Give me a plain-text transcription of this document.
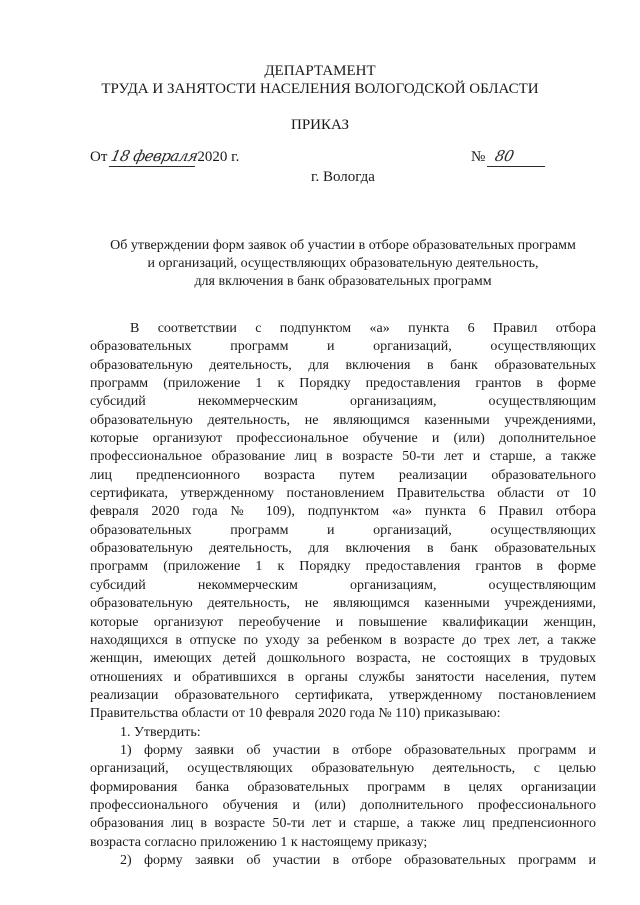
ДЕПАРТАМЕНТ
ТРУДА И ЗАНЯТОСТИ НАСЕЛЕНИЯ ВОЛОГОДСКОЙ ОБЛАСТИ
ПРИКАЗ
От 18 февраля2020 г.	№ 80
г. Вологда
Об утверждении форм заявок об участии в отборе образовательных программ
и организаций, осуществляющих образовательную деятельность,
для включения в банк образовательных программ
В соответствии с подпунктом «а» пункта 6 Правил отбора
образовательных программ и организаций, осуществляющих
образовательную деятельность, для включения в банк образовательных
программ (приложение 1 к Порядку предоставления грантов в форме
субсидий некоммерческим организациям, осуществляющим
образовательную деятельность, не являющимся казенными учреждениями,
которые организуют профессиональное обучение и (или) дополнительное
профессиональное образование лиц в возрасте 50-ти лет и старше, а также
лиц предпенсионного возраста путем реализации образовательного
сертификата, утвержденному постановлением Правительства области от 10
февраля 2020 года № 109), подпунктом «а» пункта 6 Правил отбора
образовательных программ и организаций, осуществляющих
образовательную деятельность, для включения в банк образовательных
программ (приложение 1 к Порядку предоставления грантов в форме
субсидий некоммерческим организациям, осуществляющим
образовательную деятельность, не являющимся казенными учреждениями,
которые организуют переобучение и повышение квалификации женщин,
находящихся в отпуске по уходу за ребенком в возрасте до трех лет, а также
женщин, имеющих детей дошкольного возраста, не состоящих в трудовых
отношениях и обратившихся в органы службы занятости населения, путем
реализации образовательного сертификата, утвержденному постановлением
Правительства области от 10 февраля 2020 года № 110) приказываю:
1. Утвердить:
1) форму заявки об участии в отборе образовательных программ и
организаций, осуществляющих образовательную деятельность, с целью
формирования банка образовательных программ в целях организации
профессионального обучения и (или) дополнительного профессионального
образования лиц в возрасте 50-ти лет и старше, а также лиц предпенсионного
возраста согласно приложению 1 к настоящему приказу;
2) форму заявки об участии в отборе образовательных программ и
